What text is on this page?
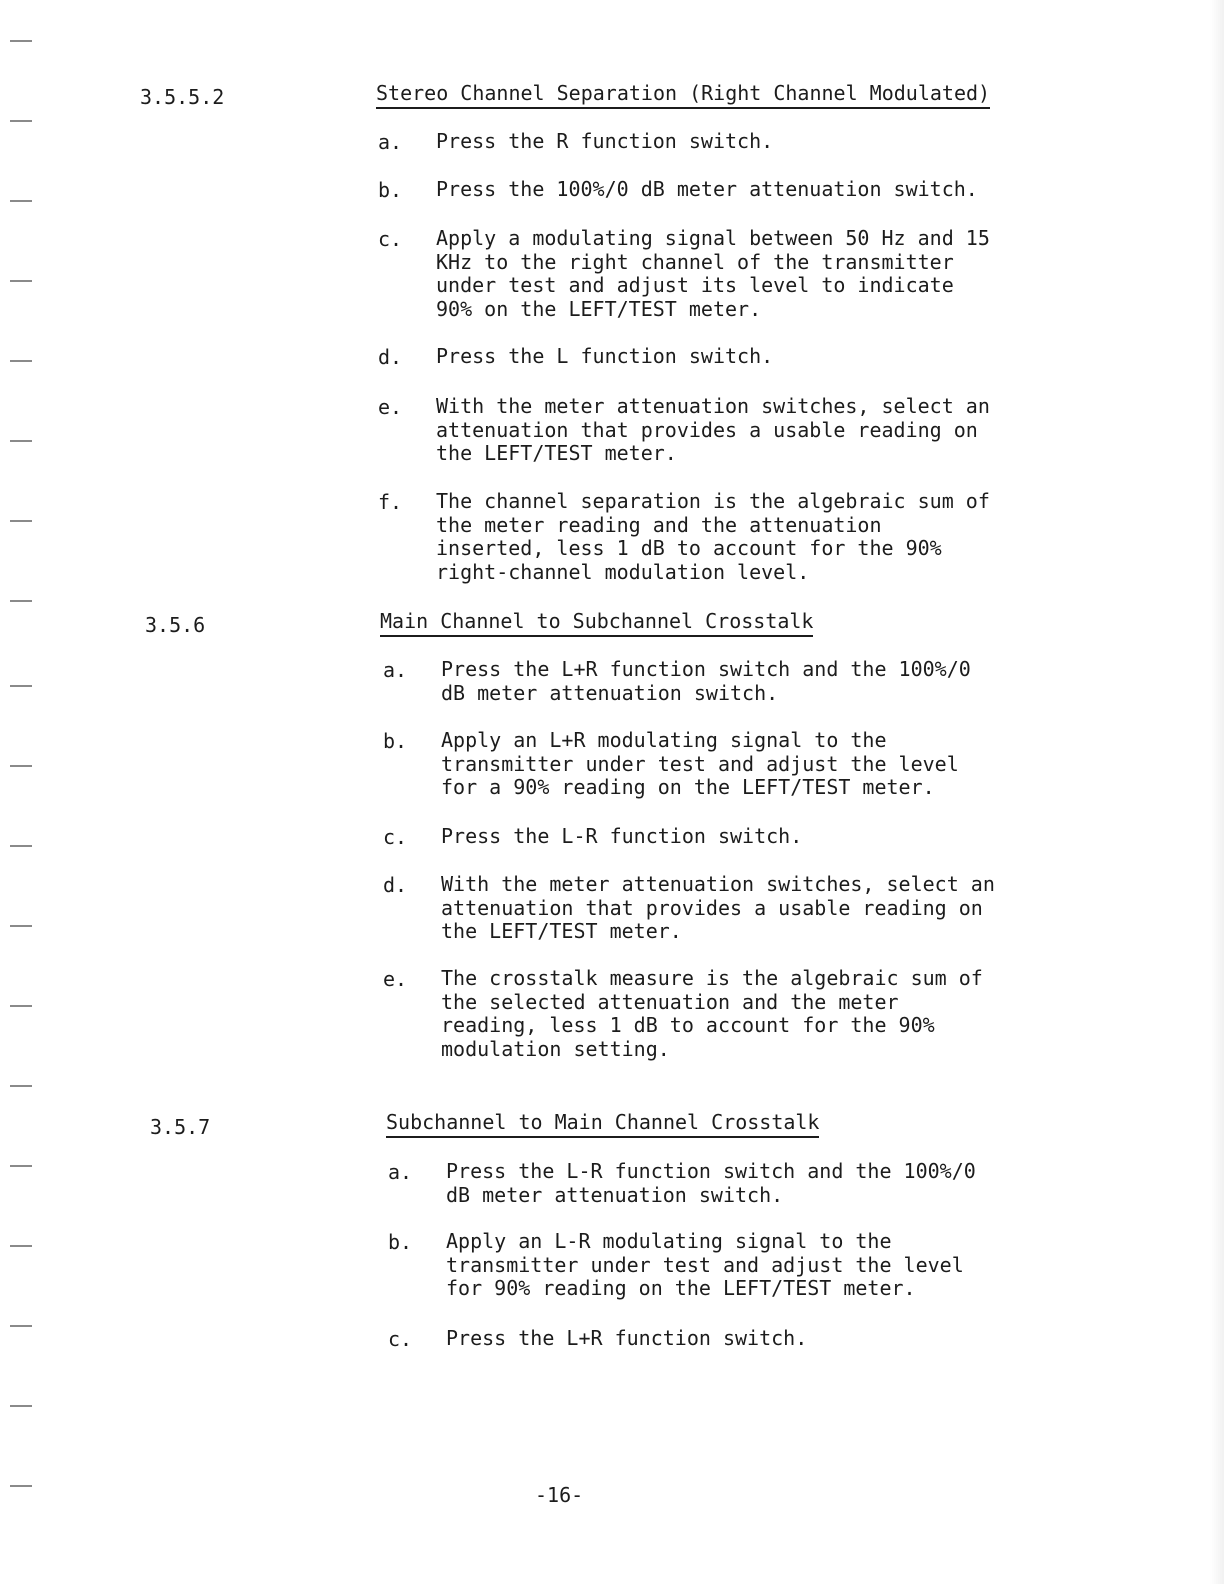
3.5.5.2	Stereo Channel Separation (Right Channel Modulated)
a. Press the R function switch.

b. Press the 100%/0 dB meter attenuation switch.

c. Apply a modulating signal between 50 Hz and 15 KHz to the right channel of the transmitter under test and adjust its level to indicate 90% on the LEFT/TEST meter.

d. Press the L function switch.

e. With the meter attenuation switches, select an attenuation that provides a usable reading on the LEFT/TEST meter.

f. The channel separation is the algebraic sum of the meter reading and the attenuation inserted, less 1 dB to account for the 90% right-channel modulation level.

3.5.6	Main Channel to Subchannel Crosstalk
a. Press the L+R function switch and the 100%/0 dB meter attenuation switch.

b. Apply an L+R modulating signal to the transmitter under test and adjust the level for a 90% reading on the LEFT/TEST meter.

c. Press the L-R function switch.

d. With the meter attenuation switches, select an attenuation that provides a usable reading on the LEFT/TEST meter.

e. The crosstalk measure is the algebraic sum of the selected attenuation and the meter reading, less 1 dB to account for the 90% modulation setting.

3.5.7	Subchannel to Main Channel Crosstalk
a. Press the L-R function switch and the 100%/0 dB meter attenuation switch.

b. Apply an L-R modulating signal to the transmitter under test and adjust the level for 90% reading on the LEFT/TEST meter.

c. Press the L+R function switch.

-16-
